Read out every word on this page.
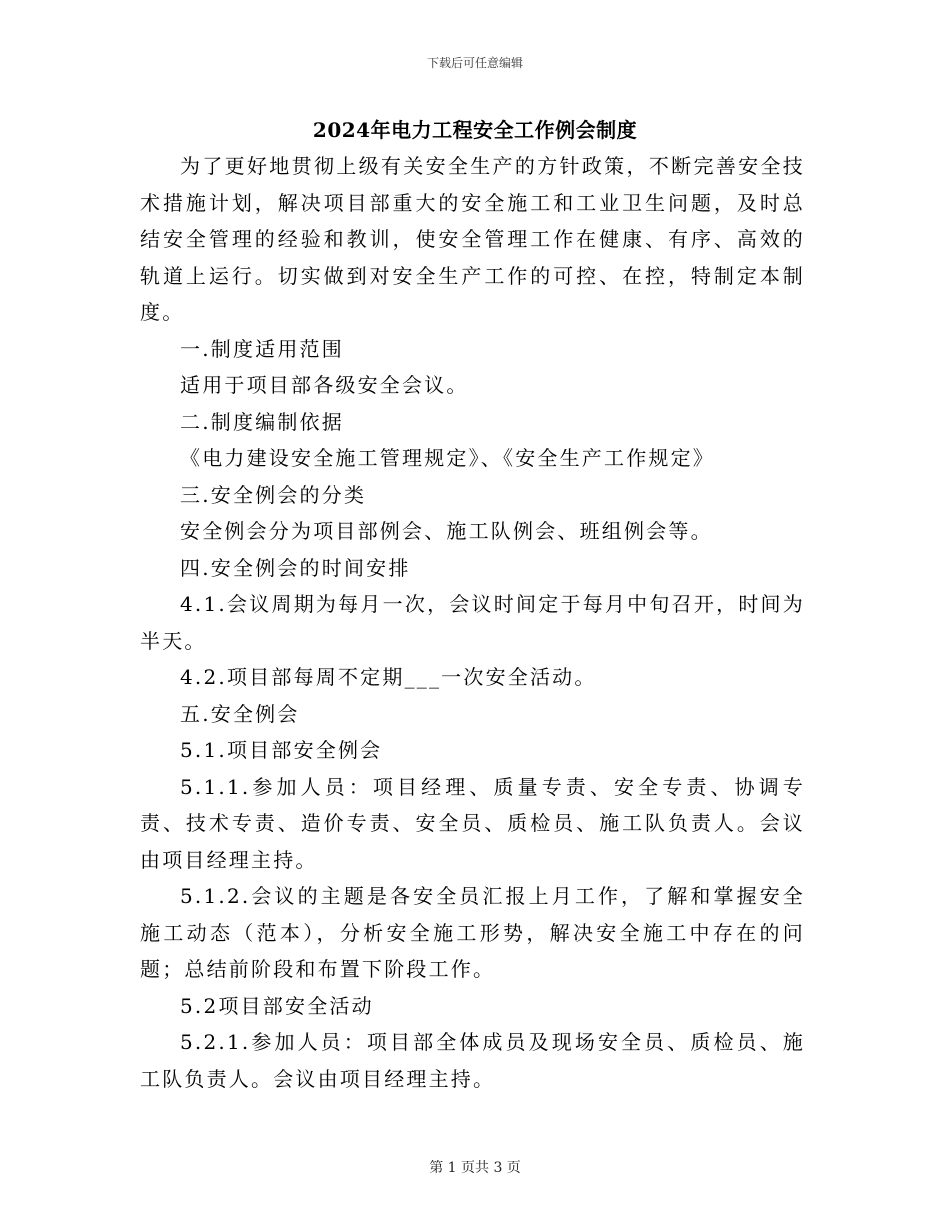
下载后可任意编辑
2024年电力工程安全工作例会制度

为了更好地贯彻上级有关安全生产的方针政策，不断完善安全技术措施计划，解决项目部重大的安全施工和工业卫生问题，及时总结安全管理的经验和教训，使安全管理工作在健康、有序、高效的轨道上运行。切实做到对安全生产工作的可控、在控，特制定本制度。

一.制度适用范围

适用于项目部各级安全会议。

二.制度编制依据

《电力建设安全施工管理规定》、《安全生产工作规定》

三.安全例会的分类

安全例会分为项目部例会、施工队例会、班组例会等。

四.安全例会的时间安排

4.1.会议周期为每月一次，会议时间定于每月中旬召开，时间为半天。

4.2.项目部每周不定期___一次安全活动。

五.安全例会

5.1.项目部安全例会

5.1.1.参加人员：项目经理、质量专责、安全专责、协调专责、技术专责、造价专责、安全员、质检员、施工队负责人。会议由项目经理主持。

5.1.2.会议的主题是各安全员汇报上月工作，了解和掌握安全施工动态（范本），分析安全施工形势，解决安全施工中存在的问题；总结前阶段和布置下阶段工作。

5.2项目部安全活动

5.2.1.参加人员：项目部全体成员及现场安全员、质检员、施工队负责人。会议由项目经理主持。

第 1 页共 3 页
